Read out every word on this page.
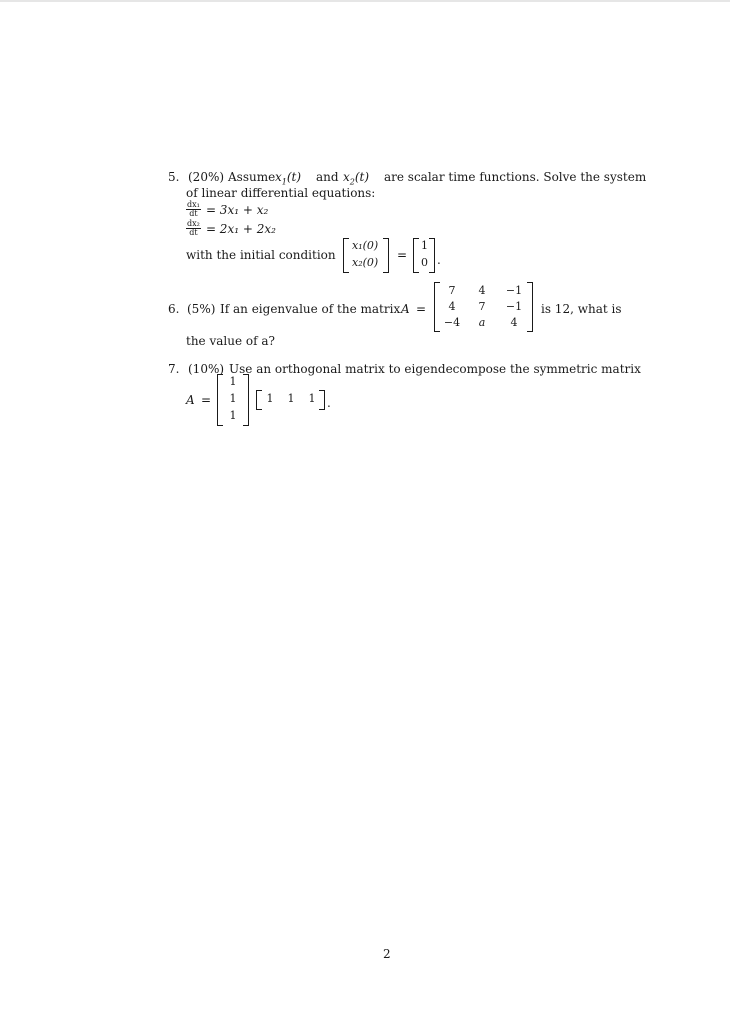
5. (20%) Assume $x_1(t)$ and $x_2(t)$ are scalar time functions. Solve the system
of linear differential equations:
$\frac{\text{dx₁}}{dt} = 3x_1 + x_2$
$\frac{\text{dx₂}}{dt} = 2x_1 + 2x_2$
with the initial condition
x₁(0)
x₂(0)
=
1
0 .
6. (5%) If an eigenvalue of the matrix A =
7	4	−1
4	7	−1
−4	a	4
is 12, what is
the value of a?
7. (10%) Use an orthogonal matrix to eigendecompose the symmetric matrix
A =
1
1
1
1	1	1 .
2
